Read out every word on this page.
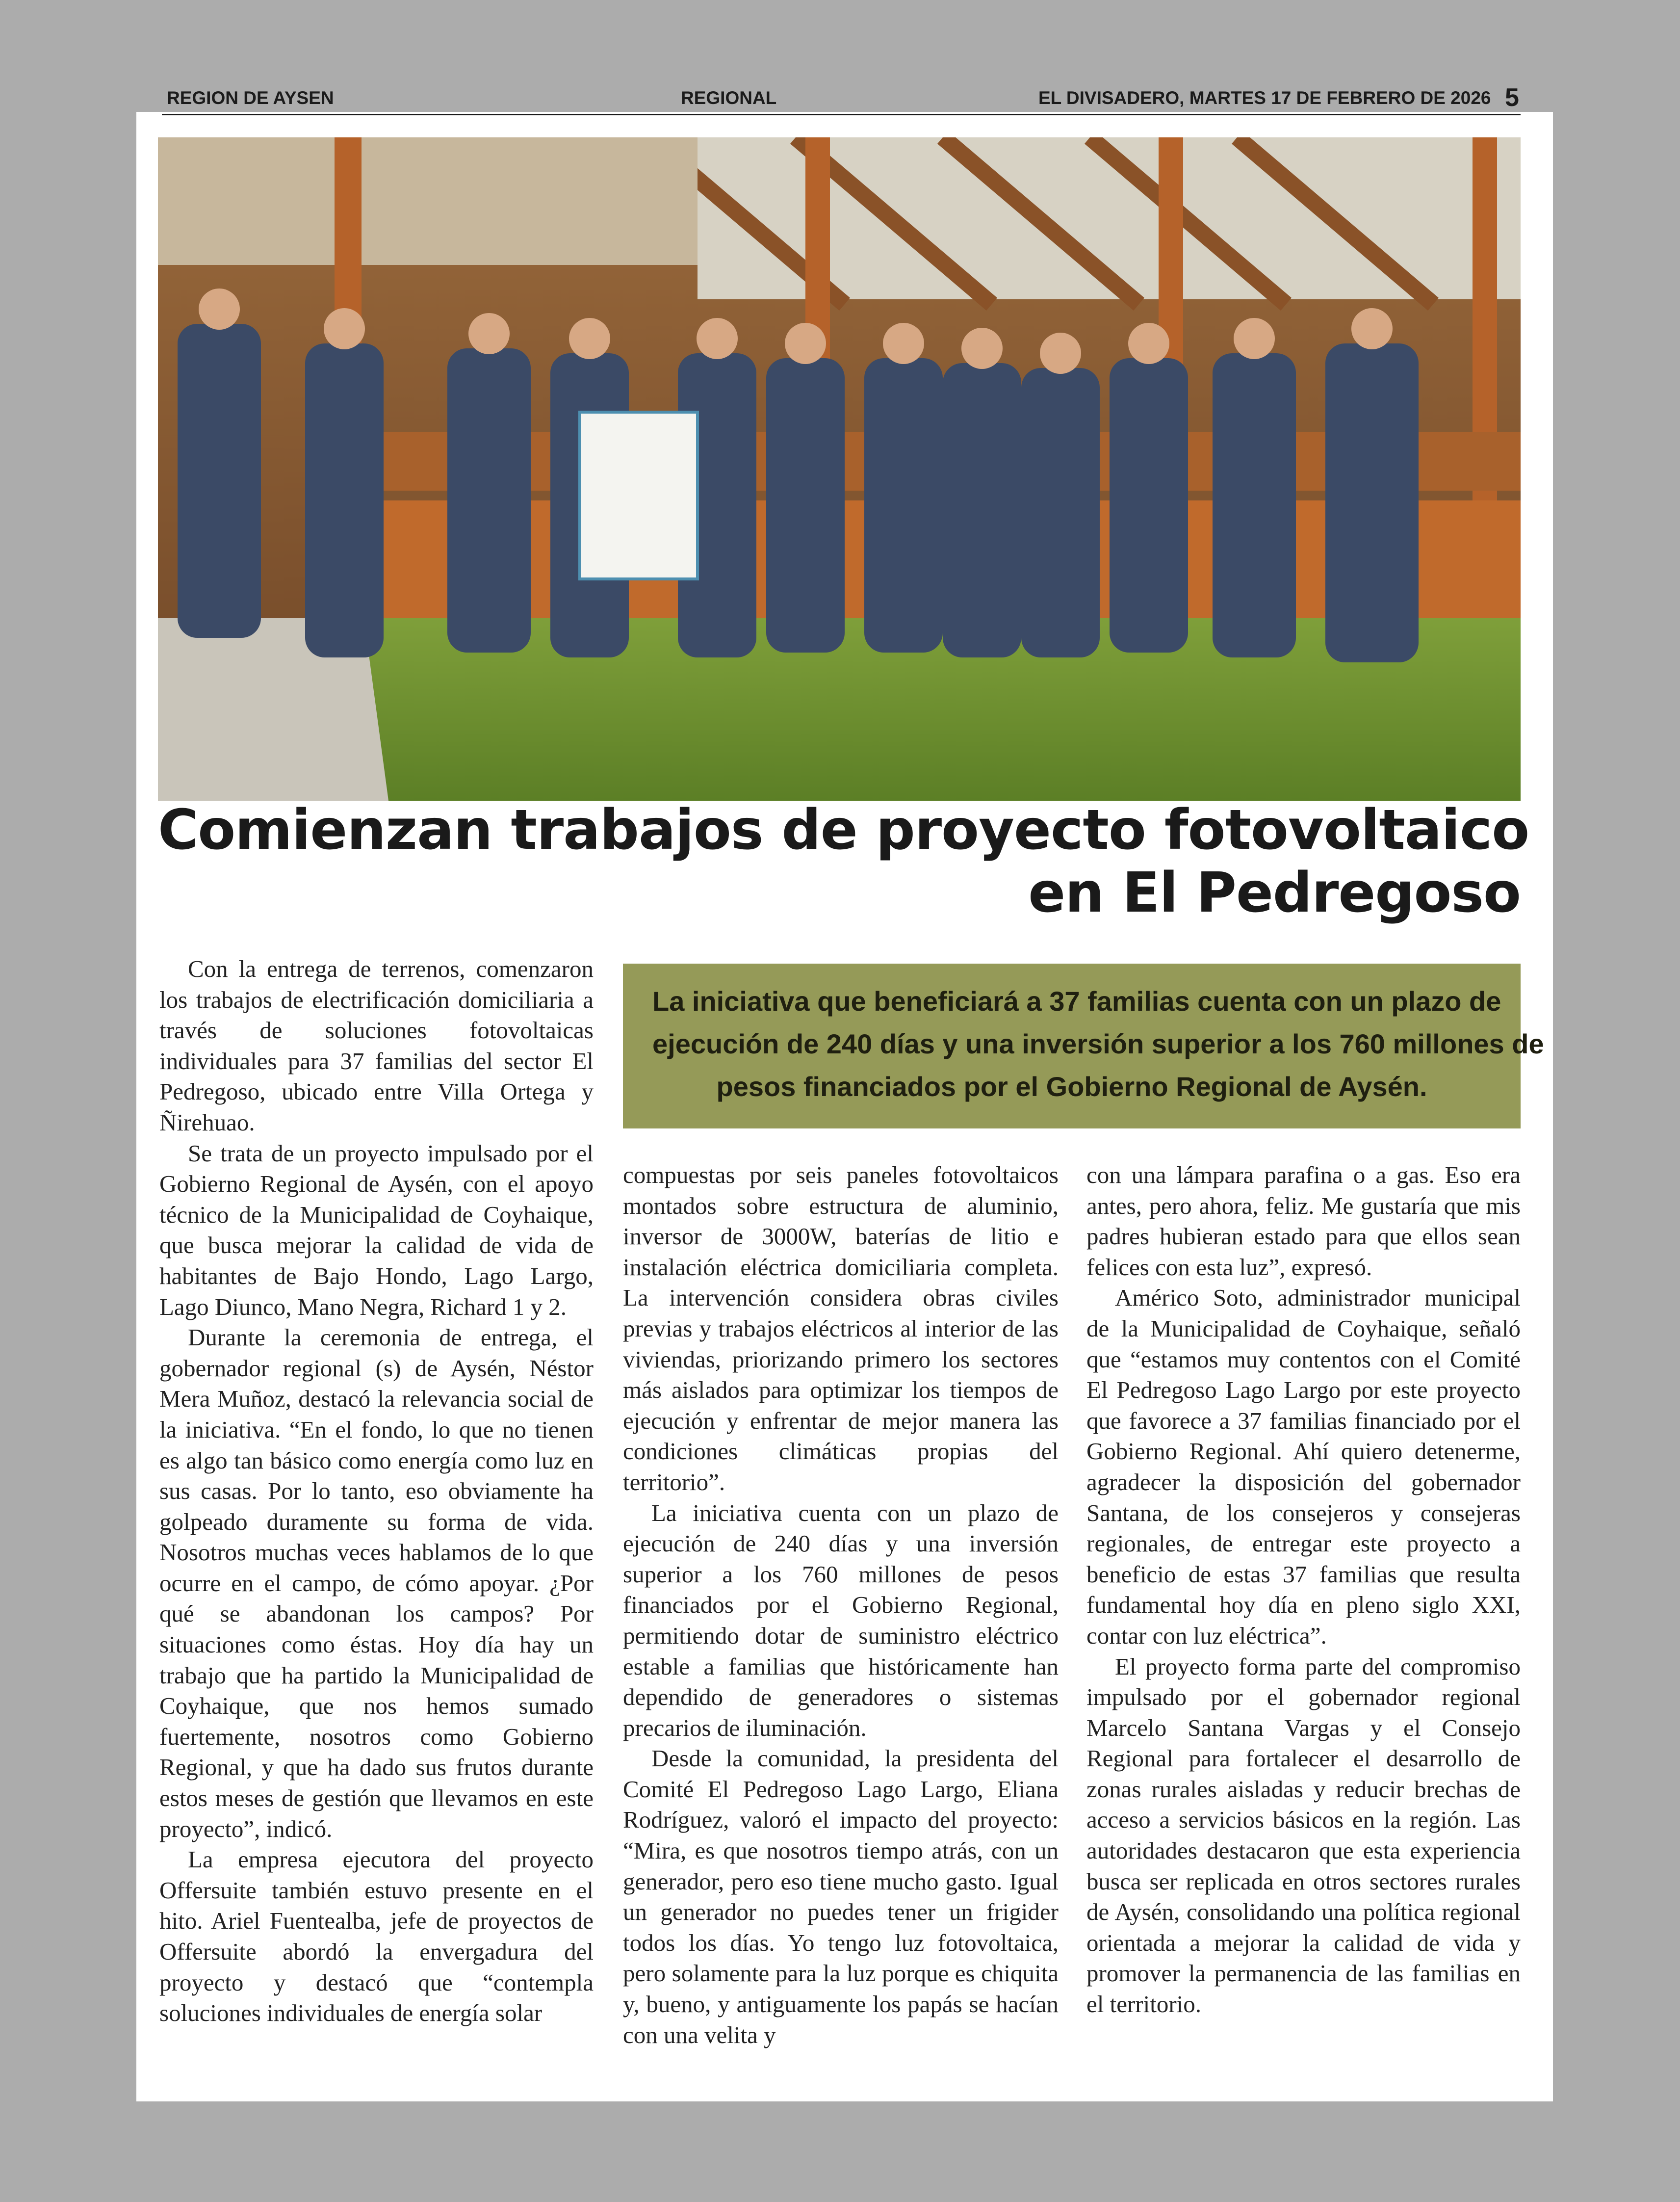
REGION DE AYSEN	REGIONAL	EL DIVISADERO, MARTES 17 DE FEBRERO DE 2026 5
Comienzan trabajos de proyecto fotovoltaico
en El Pedregoso
La iniciativa que beneficiará a 37 familias cuenta con un plazo de
ejecución de 240 días y una inversión superior a los 760 millones de
pesos financiados por el Gobierno Regional de Aysén.

Con la entrega de terrenos, comenzaron los trabajos de electrificación domiciliaria a través de soluciones fotovoltaicas individuales para 37 familias del sector El Pedregoso, ubicado entre Villa Ortega y Ñirehuao.

Se trata de un proyecto impulsado por el Gobierno Regional de Aysén, con el apoyo técnico de la Municipalidad de Coyhaique, que busca mejorar la calidad de vida de habitantes de Bajo Hondo, Lago Largo, Lago Diunco, Mano Negra, Richard 1 y 2.

Durante la ceremonia de entrega, el gobernador regional (s) de Aysén, Néstor Mera Muñoz, destacó la relevancia social de la iniciativa. “En el fondo, lo que no tienen es algo tan básico como energía como luz en sus casas. Por lo tanto, eso obviamente ha golpeado duramente su forma de vida. Nosotros muchas veces hablamos de lo que ocurre en el campo, de cómo apoyar. ¿Por qué se abandonan los campos? Por situaciones como éstas. Hoy día hay un trabajo que ha partido la Municipalidad de Coyhaique, que nos hemos sumado fuertemente, nosotros como Gobierno Regional, y que ha dado sus frutos durante estos meses de gestión que llevamos en este proyecto”, indicó.

La empresa ejecutora del proyecto Offersuite también estuvo presente en el hito. Ariel Fuentealba, jefe de proyectos de Offersuite abordó la envergadura del proyecto y destacó que “contempla soluciones individuales de energía solar

compuestas por seis paneles fotovoltaicos montados sobre estructura de aluminio, inversor de 3000W, baterías de litio e instalación eléctrica domiciliaria completa. La intervención considera obras civiles previas y trabajos eléctricos al interior de las viviendas, priorizando primero los sectores más aislados para optimizar los tiempos de ejecución y enfrentar de mejor manera las condiciones climáticas propias del territorio”.

La iniciativa cuenta con un plazo de ejecución de 240 días y una inversión superior a los 760 millones de pesos financiados por el Gobierno Regional, permitiendo dotar de suministro eléctrico estable a familias que históricamente han dependido de generadores o sistemas precarios de iluminación.

Desde la comunidad, la presidenta del Comité El Pedregoso Lago Largo, Eliana Rodríguez, valoró el impacto del proyecto: “Mira, es que nosotros tiempo atrás, con un generador, pero eso tiene mucho gasto. Igual un generador no puedes tener un frigider todos los días. Yo tengo luz fotovoltaica, pero solamente para la luz porque es chiquita y, bueno, y antiguamente los papás se hacían con una velita y

con una lámpara parafina o a gas. Eso era antes, pero ahora, feliz. Me gustaría que mis padres hubieran estado para que ellos sean felices con esta luz”, expresó.

Américo Soto, administrador municipal de la Municipalidad de Coyhaique, señaló que “estamos muy contentos con el Comité El Pedregoso Lago Largo por este proyecto que favorece a 37 familias financiado por el Gobierno Regional. Ahí quiero detenerme, agradecer la disposición del gobernador Santana, de los consejeros y consejeras regionales, de entregar este proyecto a beneficio de estas 37 familias que resulta fundamental hoy día en pleno siglo XXI, contar con luz eléctrica”.

El proyecto forma parte del compromiso impulsado por el gobernador regional Marcelo Santana Vargas y el Consejo Regional para fortalecer el desarrollo de zonas rurales aisladas y reducir brechas de acceso a servicios básicos en la región. Las autoridades destacaron que esta experiencia busca ser replicada en otros sectores rurales de Aysén, consolidando una política regional orientada a mejorar la calidad de vida y promover la permanencia de las familias en el territorio.
